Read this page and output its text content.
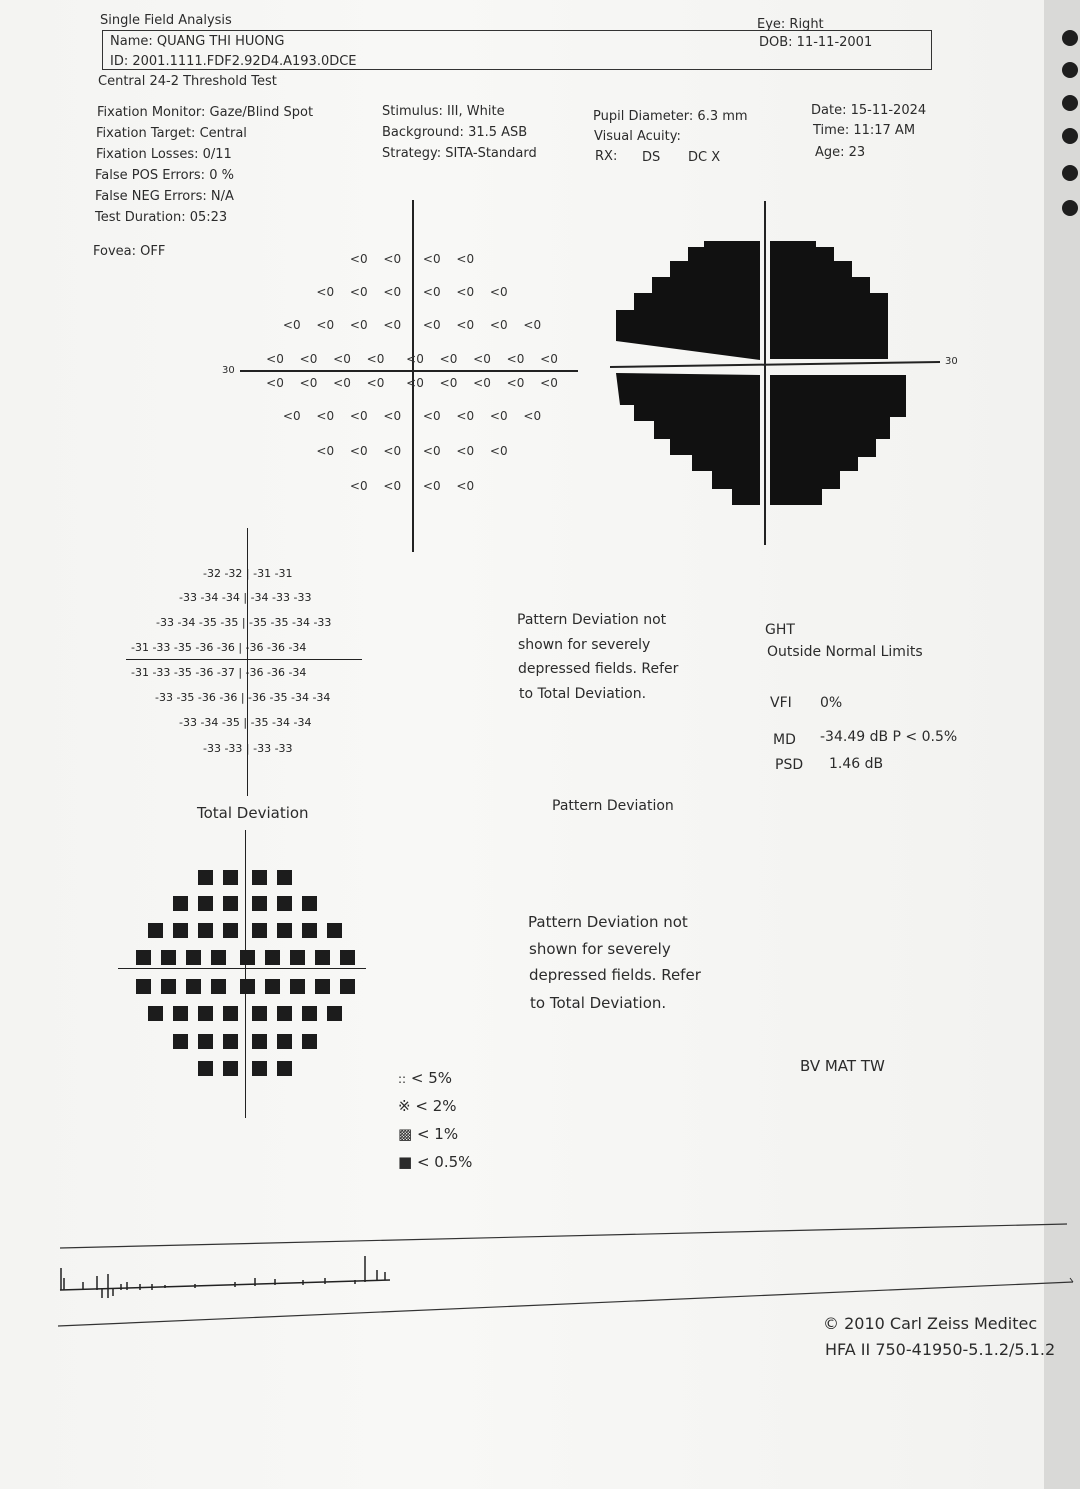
Single Field Analysis
Name: QUANG THI HUONG
ID: 2001.1111.FDF2.92D4.A193.0DCE
Central 24-2 Threshold Test
Eye: Right
DOB: 11-11-2001
Fixation Monitor: Gaze/Blind Spot
Fixation Target: Central
Fixation Losses: 0/11
False POS Errors: 0 %
False NEG Errors: N/A
Test Duration: 05:23
Fovea: OFF
Stimulus: III, White
Background: 31.5 ASB
Strategy: SITA-Standard
Pupil Diameter: 6.3 mm
Visual Acuity:
RX: DS DC X
Date: 15-11-2024
Time: 11:17 AM
Age: 23
30
<0 <0 <0 <0
<0 <0 <0 <0 <0 <0
<0 <0 <0 <0 <0 <0 <0 <0
<0 <0 <0 <0 <0 <0 <0 <0 <0
<0 <0 <0 <0 <0 <0 <0 <0 <0
<0 <0 <0 <0 <0 <0 <0 <0
<0 <0 <0 <0 <0 <0
<0 <0 <0 <0
30
-32 -32 | -31 -31
-33 -34 -34 | -34 -33 -33
-33 -34 -35 -35 | -35 -35 -34 -33
-31 -33 -35 -36 -36 | -36 -36 -34
-31 -33 -35 -36 -37 | -36 -36 -34
-33 -35 -36 -36 | -36 -35 -34 -34
-33 -34 -35 | -35 -34 -34
-33 -33 | -33 -33
Total Deviation
Pattern Deviation not
shown for severely
depressed fields. Refer
to Total Deviation.
Pattern Deviation
GHT
Outside Normal Limits
VFI 0%
MD -34.49 dB P < 0.5%
PSD 1.46 dB
Pattern Deviation not
shown for severely
depressed fields. Refer
to Total Deviation.
:: < 5%
※ < 2%
▩ < 1%
■ < 0.5%
BV MAT TW
© 2010 Carl Zeiss Meditec
HFA II 750-41950-5.1.2/5.1.2
